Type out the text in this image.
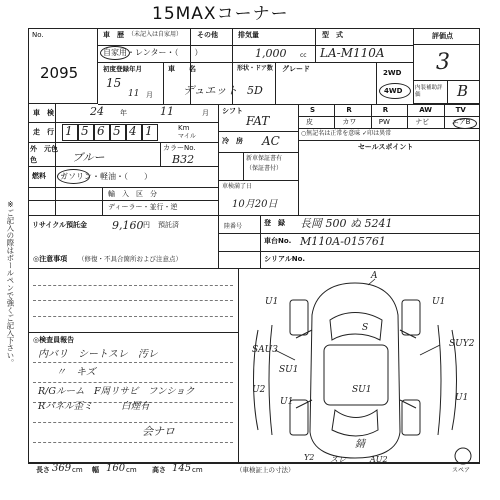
15MAXコーナー
※ご記入の際はボールペンで強くご記入下さい。
No.
2095
車　歴 （未記入は自家用） その他
自家用・レンター・（　　）
排気量
1,000 cc
型　式
LA-M110A
初度登録年月
15
11 月
車　　名
デュエット
形状・ドア数
5D
グレード	2WD
4WD
評価点
3
内装補助評価	B
車　検	24 年	11	月
走　行 1 5 6 5 4 1	Km
マイル
外　元色
色	ブルー
カラーNo.
B32
燃料 ガソリン・軽油・（　　）
輸　入　区　分
ディーラー・並行・逆
リサイクル預託金 9,160 円 預託済
シフト
FAT
冷　房 AC
新車保証書有
（保証書付）
車検満了日
10月20日
S	R	R	AW	TV
皮	カワ	PW	ナビ	エアB
○無記名は正常を意味 ✓印は異常
セールスポイント
陸番号	登　録 長岡 500 ぬ 5241
車台No. M110A-015761
シリアルNo.
◎注意事項 （修復・不具合箇所および注意点）
◎検査員報告
内バリ　シートスレ　汚レ
〃　キズ
R/Gルーム　F周リサビ　フンショク
Rパネル歪ミ　　　白煙有
会ナロ
長さ 369 cm 幅 160 cm 高さ 145 cm	（車検証上の寸法）
A
U1
S
U1
SAU3
SU1
U2
U1
SU1
SUY2
U1
錆
Y2 スレ	AU2
スペア
